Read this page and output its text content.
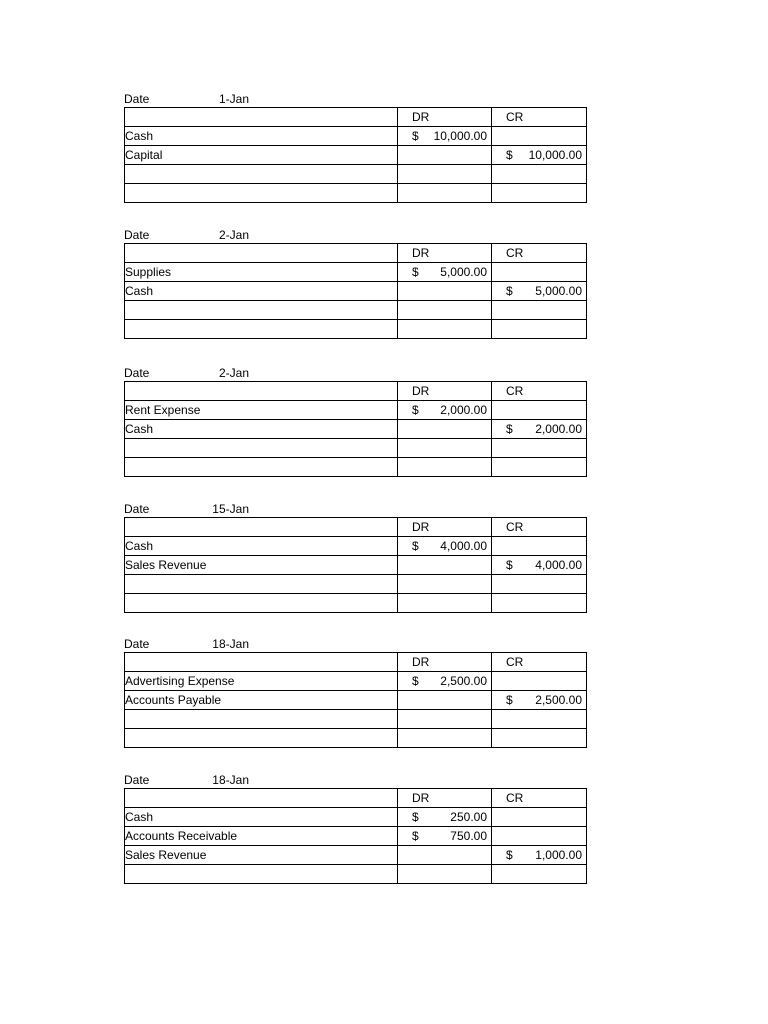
Date	1-Jan
	DR	CR
Cash	$ 10,000.00	

Capital		$ 10,000.00

Date	2-Jan
	DR	CR
Supplies	$ 5,000.00	

Cash		$ 5,000.00

Date	2-Jan
	DR	CR
Rent Expense	$ 2,000.00	

Cash		$ 2,000.00

Date	15-Jan
	DR	CR
Cash	$ 4,000.00	

Sales Revenue		$ 4,000.00

Date	18-Jan
	DR	CR
Advertising Expense	$ 2,500.00	

Accounts Payable		$ 2,500.00

Date	18-Jan
	DR	CR
Cash	$ 250.00	

Accounts Receivable	$ 750.00	

Sales Revenue		$ 1,000.00
